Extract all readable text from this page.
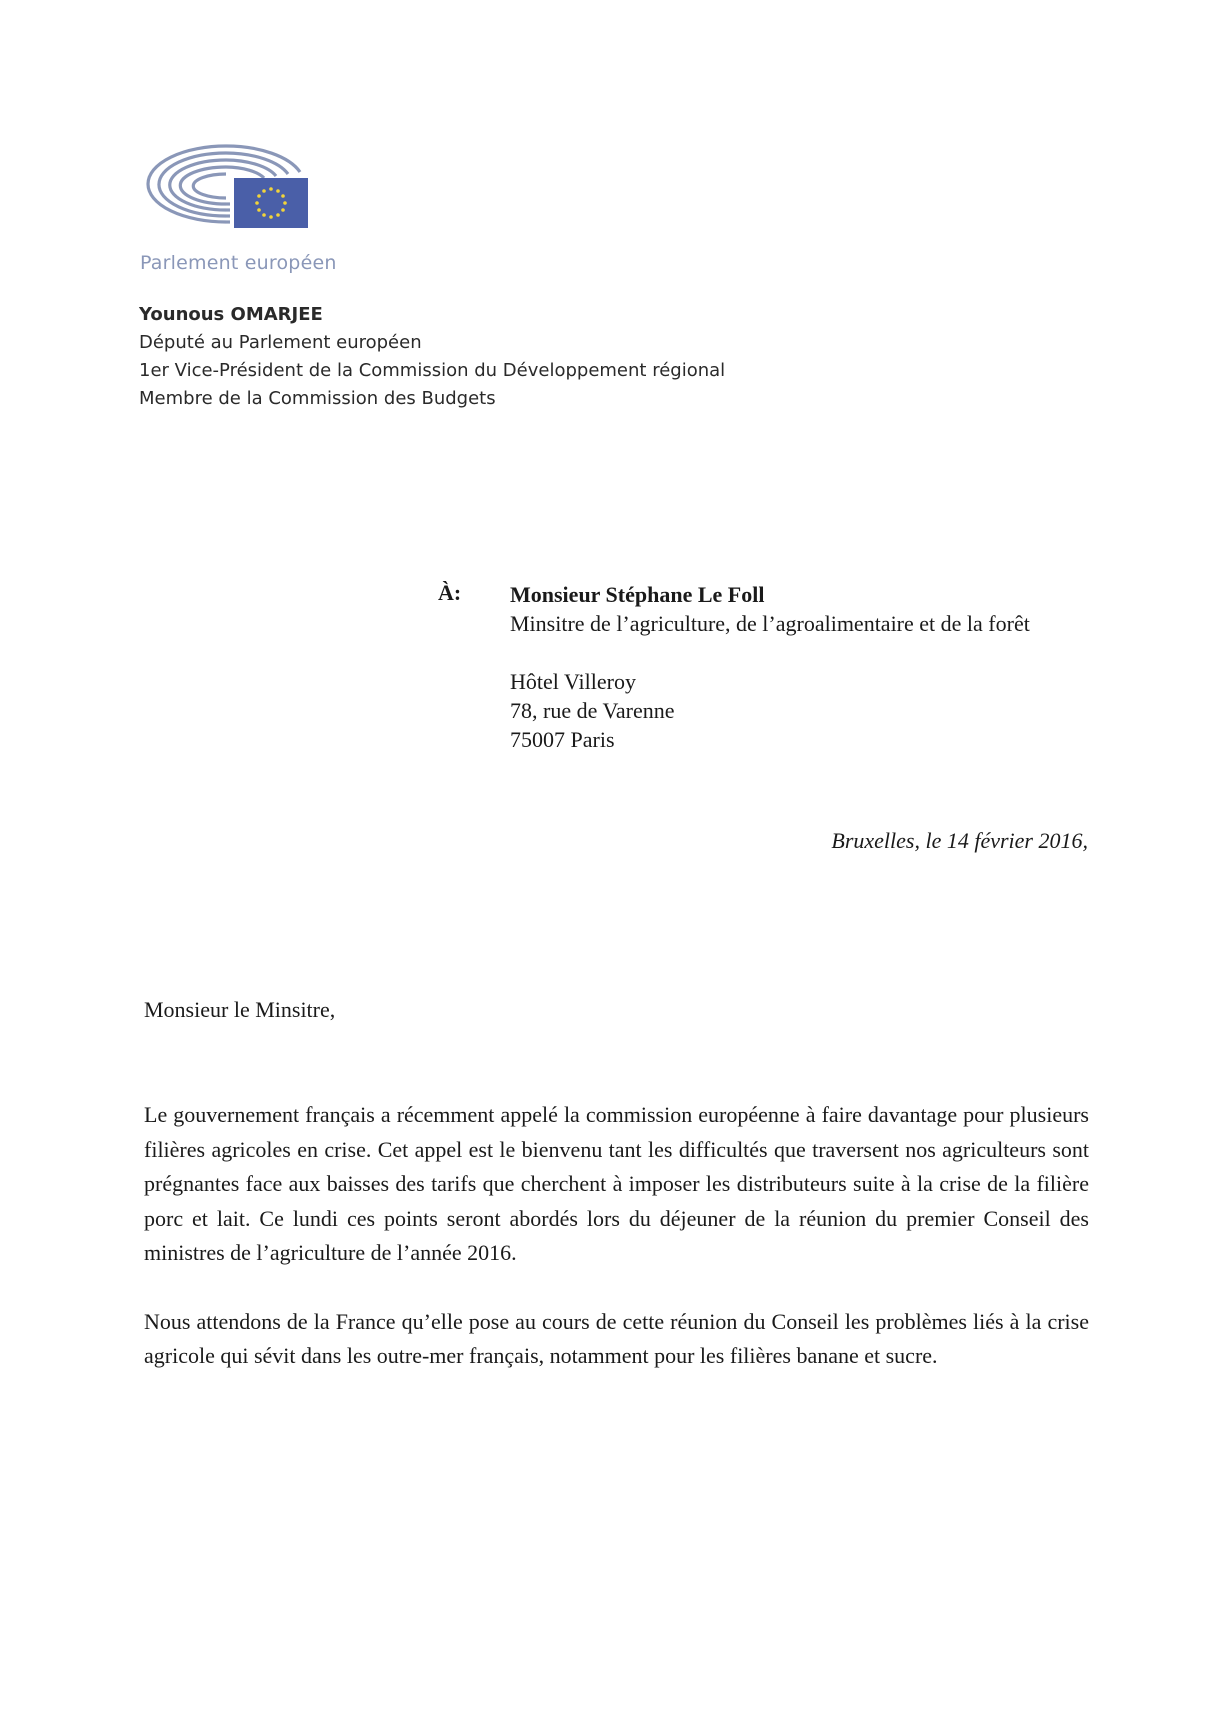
Parlement européen
Younous OMARJEE
Député au Parlement européen
1er Vice-Président de la Commission du Développement régional
Membre de la Commission des Budgets
À: Monsieur Stéphane Le Foll
Minsitre de l’agriculture, de l’agroalimentaire et de la forêt
Hôtel Villeroy
78, rue de Varenne
75007 Paris
Bruxelles, le 14 février 2016,
Monsieur le Minsitre,

Le gouvernement français a récemment appelé la commission européenne à faire davantage pour plusieurs filières agricoles en crise. Cet appel est le bienvenu tant les difficultés que traversent nos agriculteurs sont prégnantes face aux baisses des tarifs que cherchent à imposer les distributeurs suite à la crise de la filière porc et lait. Ce lundi ces points seront abordés lors du déjeuner de la réunion du premier Conseil des ministres de l’agriculture de l’année 2016.

Nous attendons de la France qu’elle pose au cours de cette réunion du Conseil les problèmes liés à la crise agricole qui sévit dans les outre-mer français, notamment pour les filières banane et sucre.
